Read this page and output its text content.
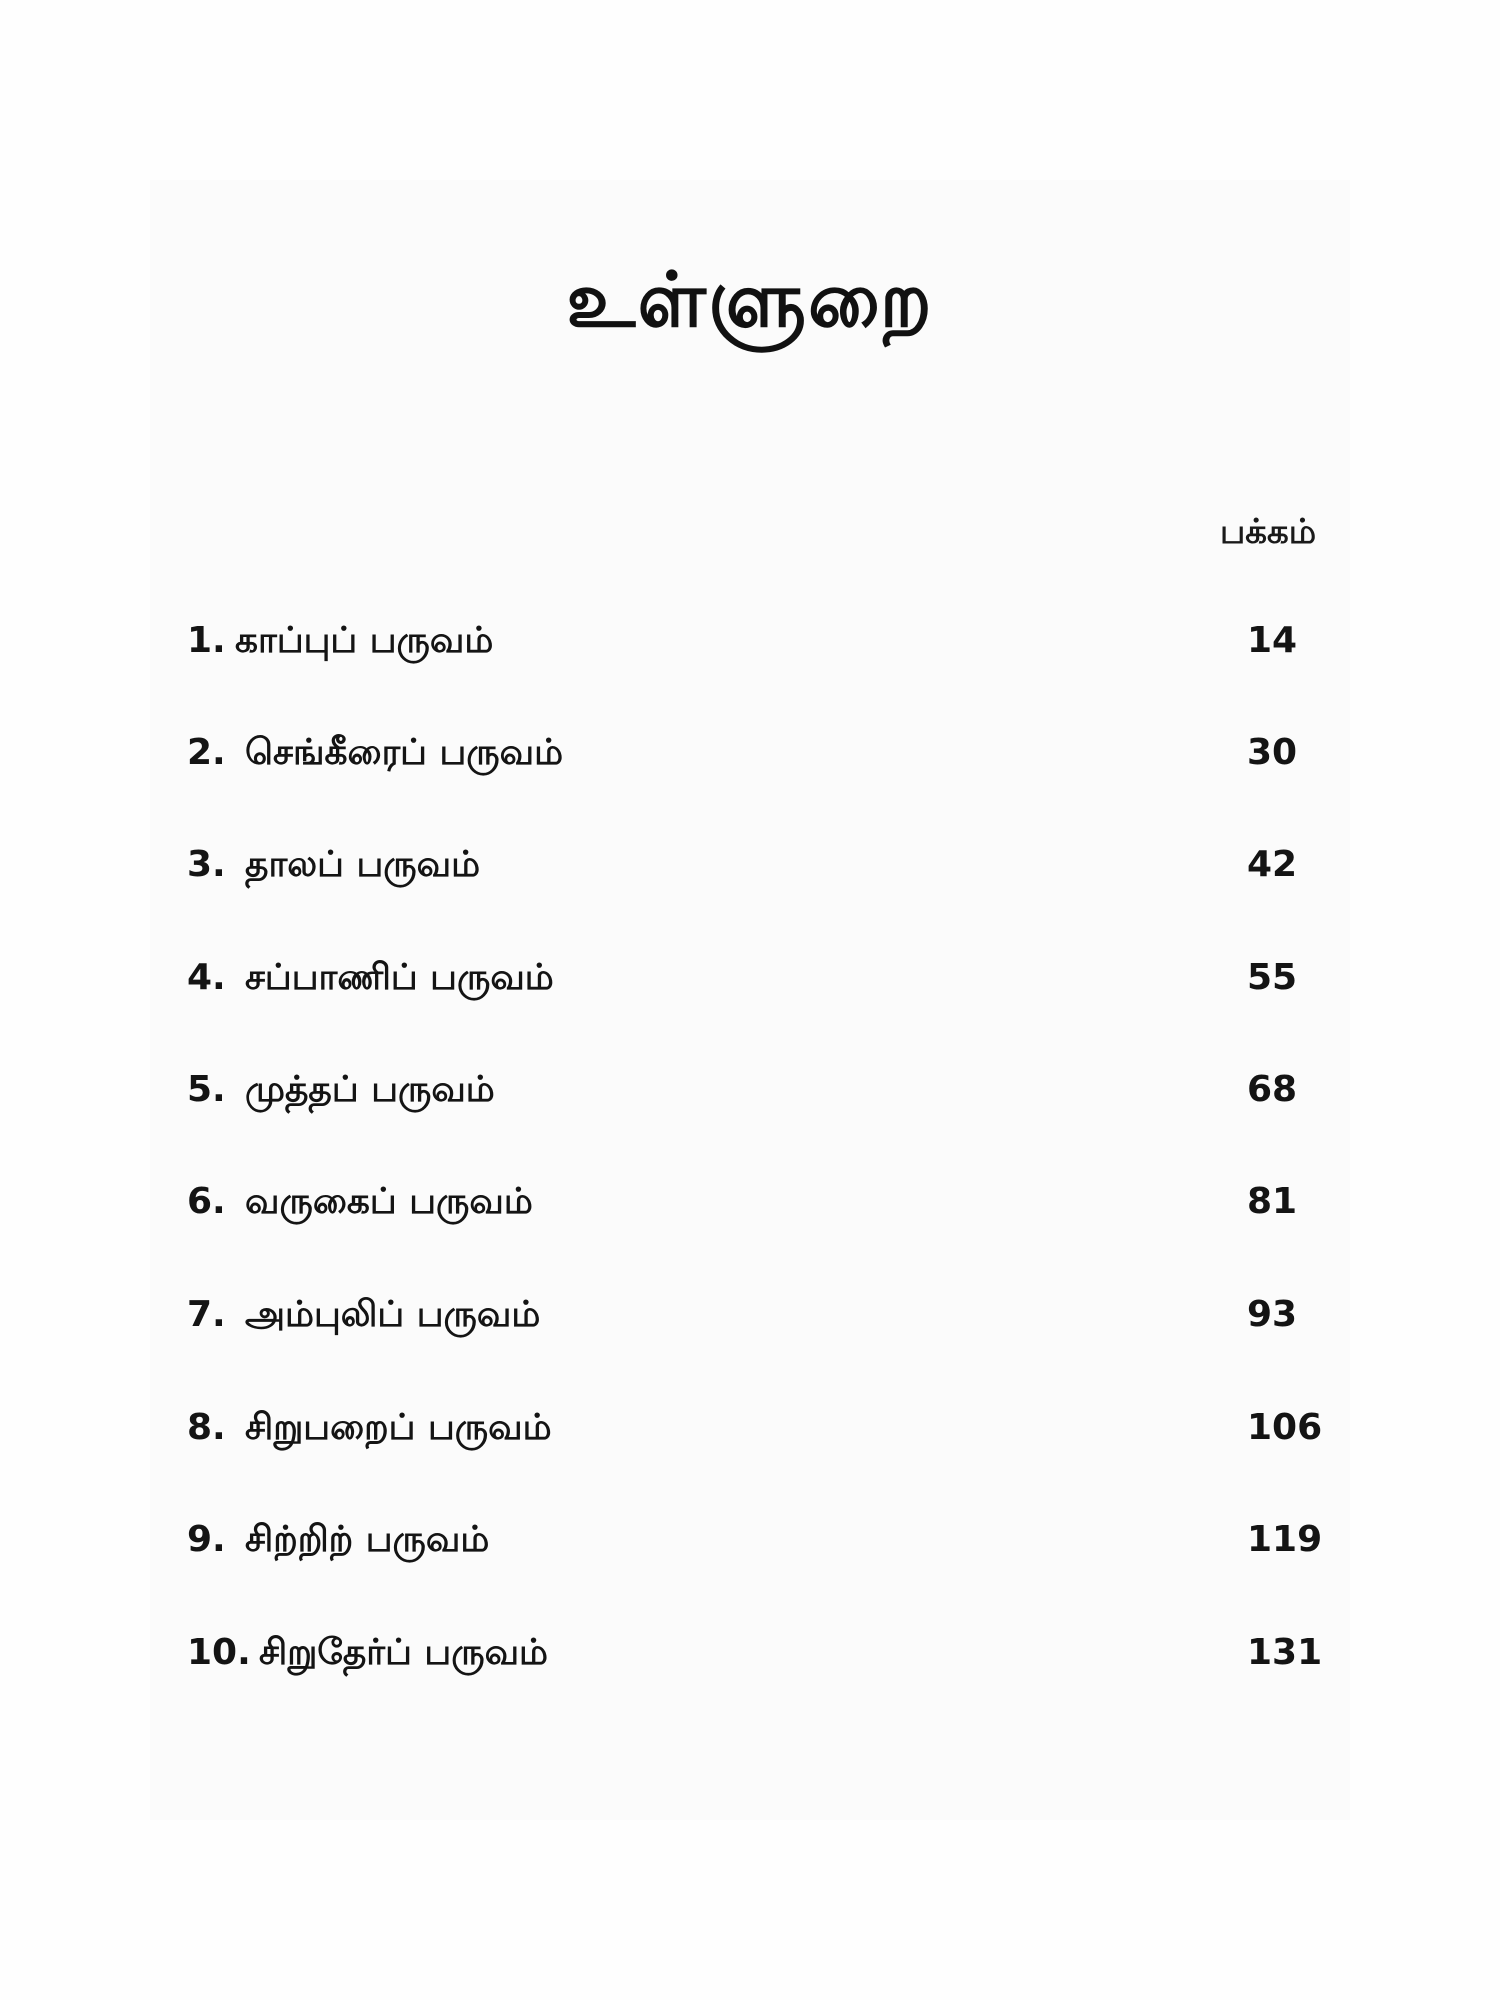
உள்ளுறை
பக்கம்
1. காப்புப் பருவம்	14
2. செங்கீரைப் பருவம்	30
3. தாலப் பருவம்	42
4. சப்பாணிப் பருவம்	55
5. முத்தப் பருவம்	68
6. வருகைப் பருவம்	81
7. அம்புலிப் பருவம்	93
8. சிறுபறைப் பருவம்	106
9. சிற்றிற் பருவம்	119
10. சிறுதேர்ப் பருவம்	131
